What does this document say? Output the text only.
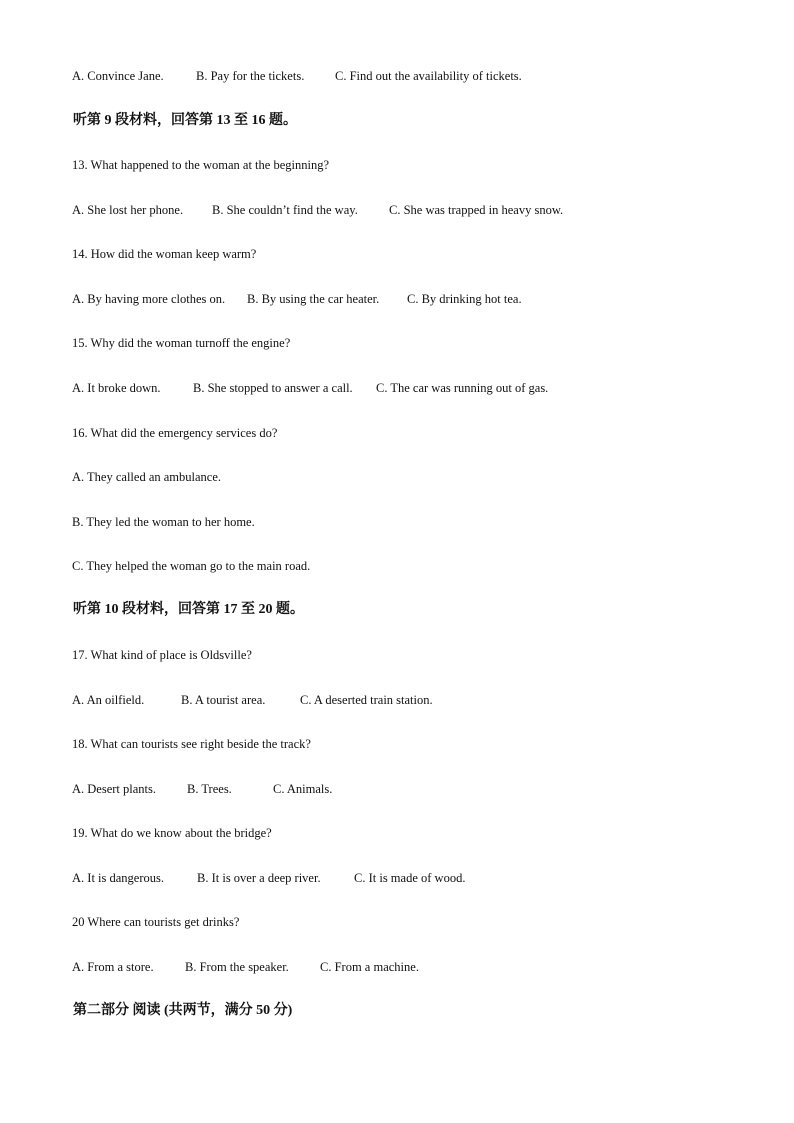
A. Convince Jane.	B. Pay for the tickets. C. Find out the availability of tickets.
听第 9 段材料，回答第 13 至 16 题。
13. What happened to the woman at the beginning?
A. She lost her phone. B. She couldn’t find the way. C. She was trapped in heavy snow.
14. How did the woman keep warm?
A. By having more clothes on. B. By using the car heater. C. By drinking hot tea.
15. Why did the woman turnoff the engine?
A. It broke down.	B. She stopped to answer a call. C. The car was running out of gas.
16. What did the emergency services do?
A. They called an ambulance.
B. They led the woman to her home.
C. They helped the woman go to the main road.
听第 10 段材料，回答第 17 至 20 题。
17. What kind of place is Oldsville?
A. An oilfield.	B. A tourist area.	C. A deserted train station.
18. What can tourists see right beside the track?
A. Desert plants. B. Trees.	C. Animals.
19. What do we know about the bridge?
A. It is dangerous.	B. It is over a deep river.	C. It is made of wood.
20 Where can tourists get drinks?
A. From a store.	B. From the speaker. C. From a machine.
第二部分 阅读 (共两节，满分 50 分)
